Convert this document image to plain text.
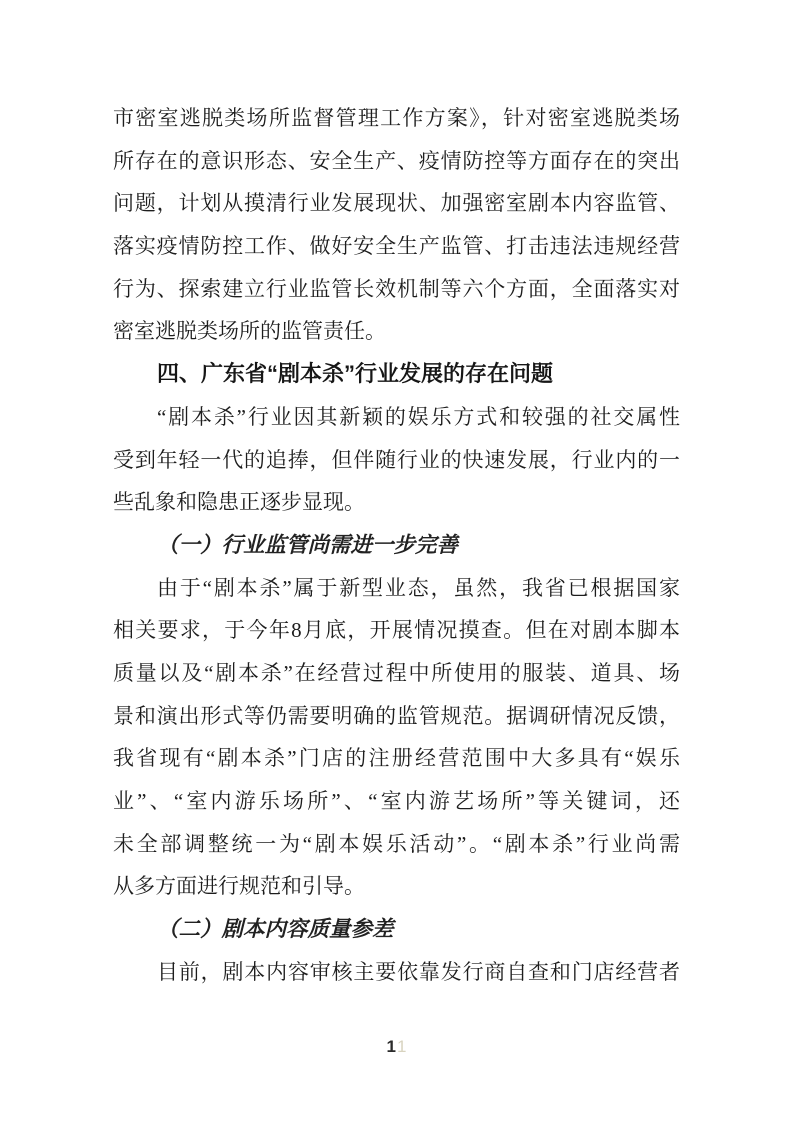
市密室逃脱类场所监督管理工作方案》，针对密室逃脱类场
所存在的意识形态、安全生产、疫情防控等方面存在的突出
问题，计划从摸清行业发展现状、加强密室剧本内容监管、
落实疫情防控工作、做好安全生产监管、打击违法违规经营
行为、探索建立行业监管长效机制等六个方面，全面落实对
密室逃脱类场所的监管责任。
四、广东省“剧本杀”行业发展的存在问题
“剧本杀”行业因其新颖的娱乐方式和较强的社交属性
受到年轻一代的追捧，但伴随行业的快速发展，行业内的一
些乱象和隐患正逐步显现。
（一）行业监管尚需进一步完善
由于“剧本杀”属于新型业态，虽然，我省已根据国家
相关要求，于今年8月底，开展情况摸查。但在对剧本脚本
质量以及“剧本杀”在经营过程中所使用的服装、道具、场
景和演出形式等仍需要明确的监管规范。据调研情况反馈，
我省现有“剧本杀”门店的注册经营范围中大多具有“娱乐
业”、“室内游乐场所”、“室内游艺场所”等关键词，还
未全部调整统一为“剧本娱乐活动”。“剧本杀”行业尚需
从多方面进行规范和引导。
（二）剧本内容质量参差
目前，剧本内容审核主要依靠发行商自查和门店经营者
11
